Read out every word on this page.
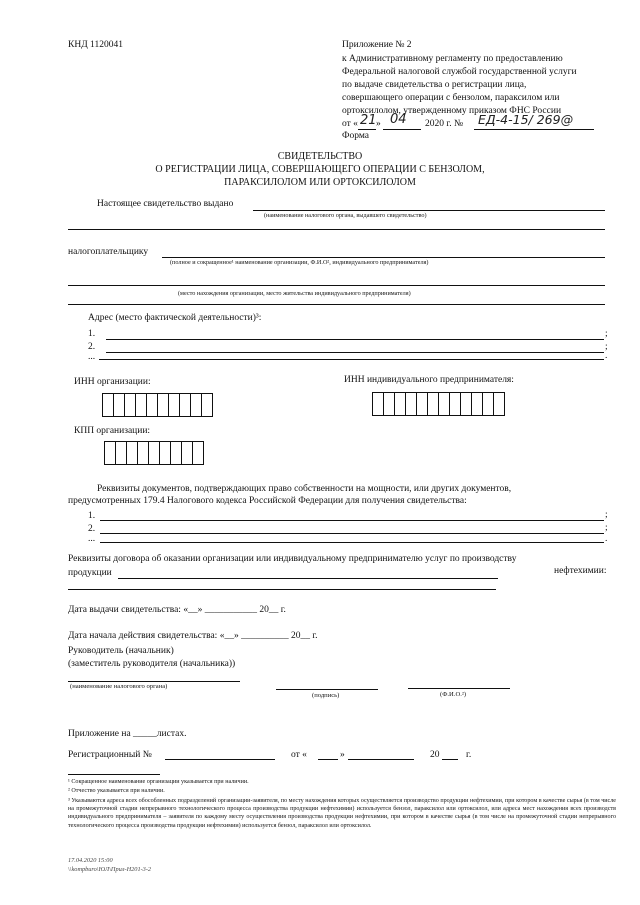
КНД 1120041	Приложение № 2
к Административному регламенту по предоставлению
Федеральной налоговой службой государственной услуги
по выдаче свидетельства о регистрации лица,
совершающего операции с бензолом, параксилом или
ортоксилолом, утвержденному приказом ФНС России
от « 21 » 04 2020 г. № ЕД-4-15/ 269@
Форма
СВИДЕТЕЛЬСТВО
О РЕГИСТРАЦИИ ЛИЦА, СОВЕРШАЮЩЕГО ОПЕРАЦИИ С БЕНЗОЛОМ,
ПАРАКСИЛОЛОМ ИЛИ ОРТОКСИЛОЛОМ
Настоящее свидетельство выдано
(наименование налогового органа, выдавшего свидетельство)
налогоплательщику
(полное и сокращенное¹ наименование организации, Ф.И.О², индивидуального предпринимателя)
(место нахождения организации, место жительства индивидуального предпринимателя)
Адрес (место фактической деятельности)³:
1.	;
2.	;
...	.
ИНН организации:	ИНН индивидуального предпринимателя:
КПП организации:
Реквизиты документов, подтверждающих право собственности на мощности, или других документов,
предусмотренных 179.4 Налогового кодекса Российской Федерации для получения свидетельства:
1.	;
2.	;
...	.
Реквизиты договора об оказании организации или индивидуальному предпринимателю услуг по производству
продукции	нефтехимии:
Дата выдачи свидетельства: «__» ___________ 20__ г.
Дата начала действия свидетельства: «__» __________ 20__ г.
Руководитель (начальник)
(заместитель руководителя (начальника))
(наименование налогового органа)
(подпись)	(Ф.И.О.²)
Приложение на _____листах.
Регистрационный №	от «	»	20	г.
¹ Сокращенное наименование организации указывается при наличии.
² Отчество указывается при наличии.
³ Указываются адреса всех обособленных подразделений организации-заявителя, по месту нахождения которых осуществляется производство продукции нефтехимии, при котором в качестве сырья (в том числе на промежуточной стадии непрерывного технологического процесса производства продукции нефтехимии) используется бензол, параксилол или ортоксилол, или адреса мест нахождения всех производств индивидуального предпринимателя – заявителя по каждому месту осуществления производства продукции нефтехимии, при котором в качестве сырья (в том числе на промежуточной стадии непрерывного технологического процесса производства продукции нефтехимии) используется бензол, параксилол или ортоксилол.
17.04.2020 15:00
\\kompburo\ЮЛ\Прил-Н201-3-2
